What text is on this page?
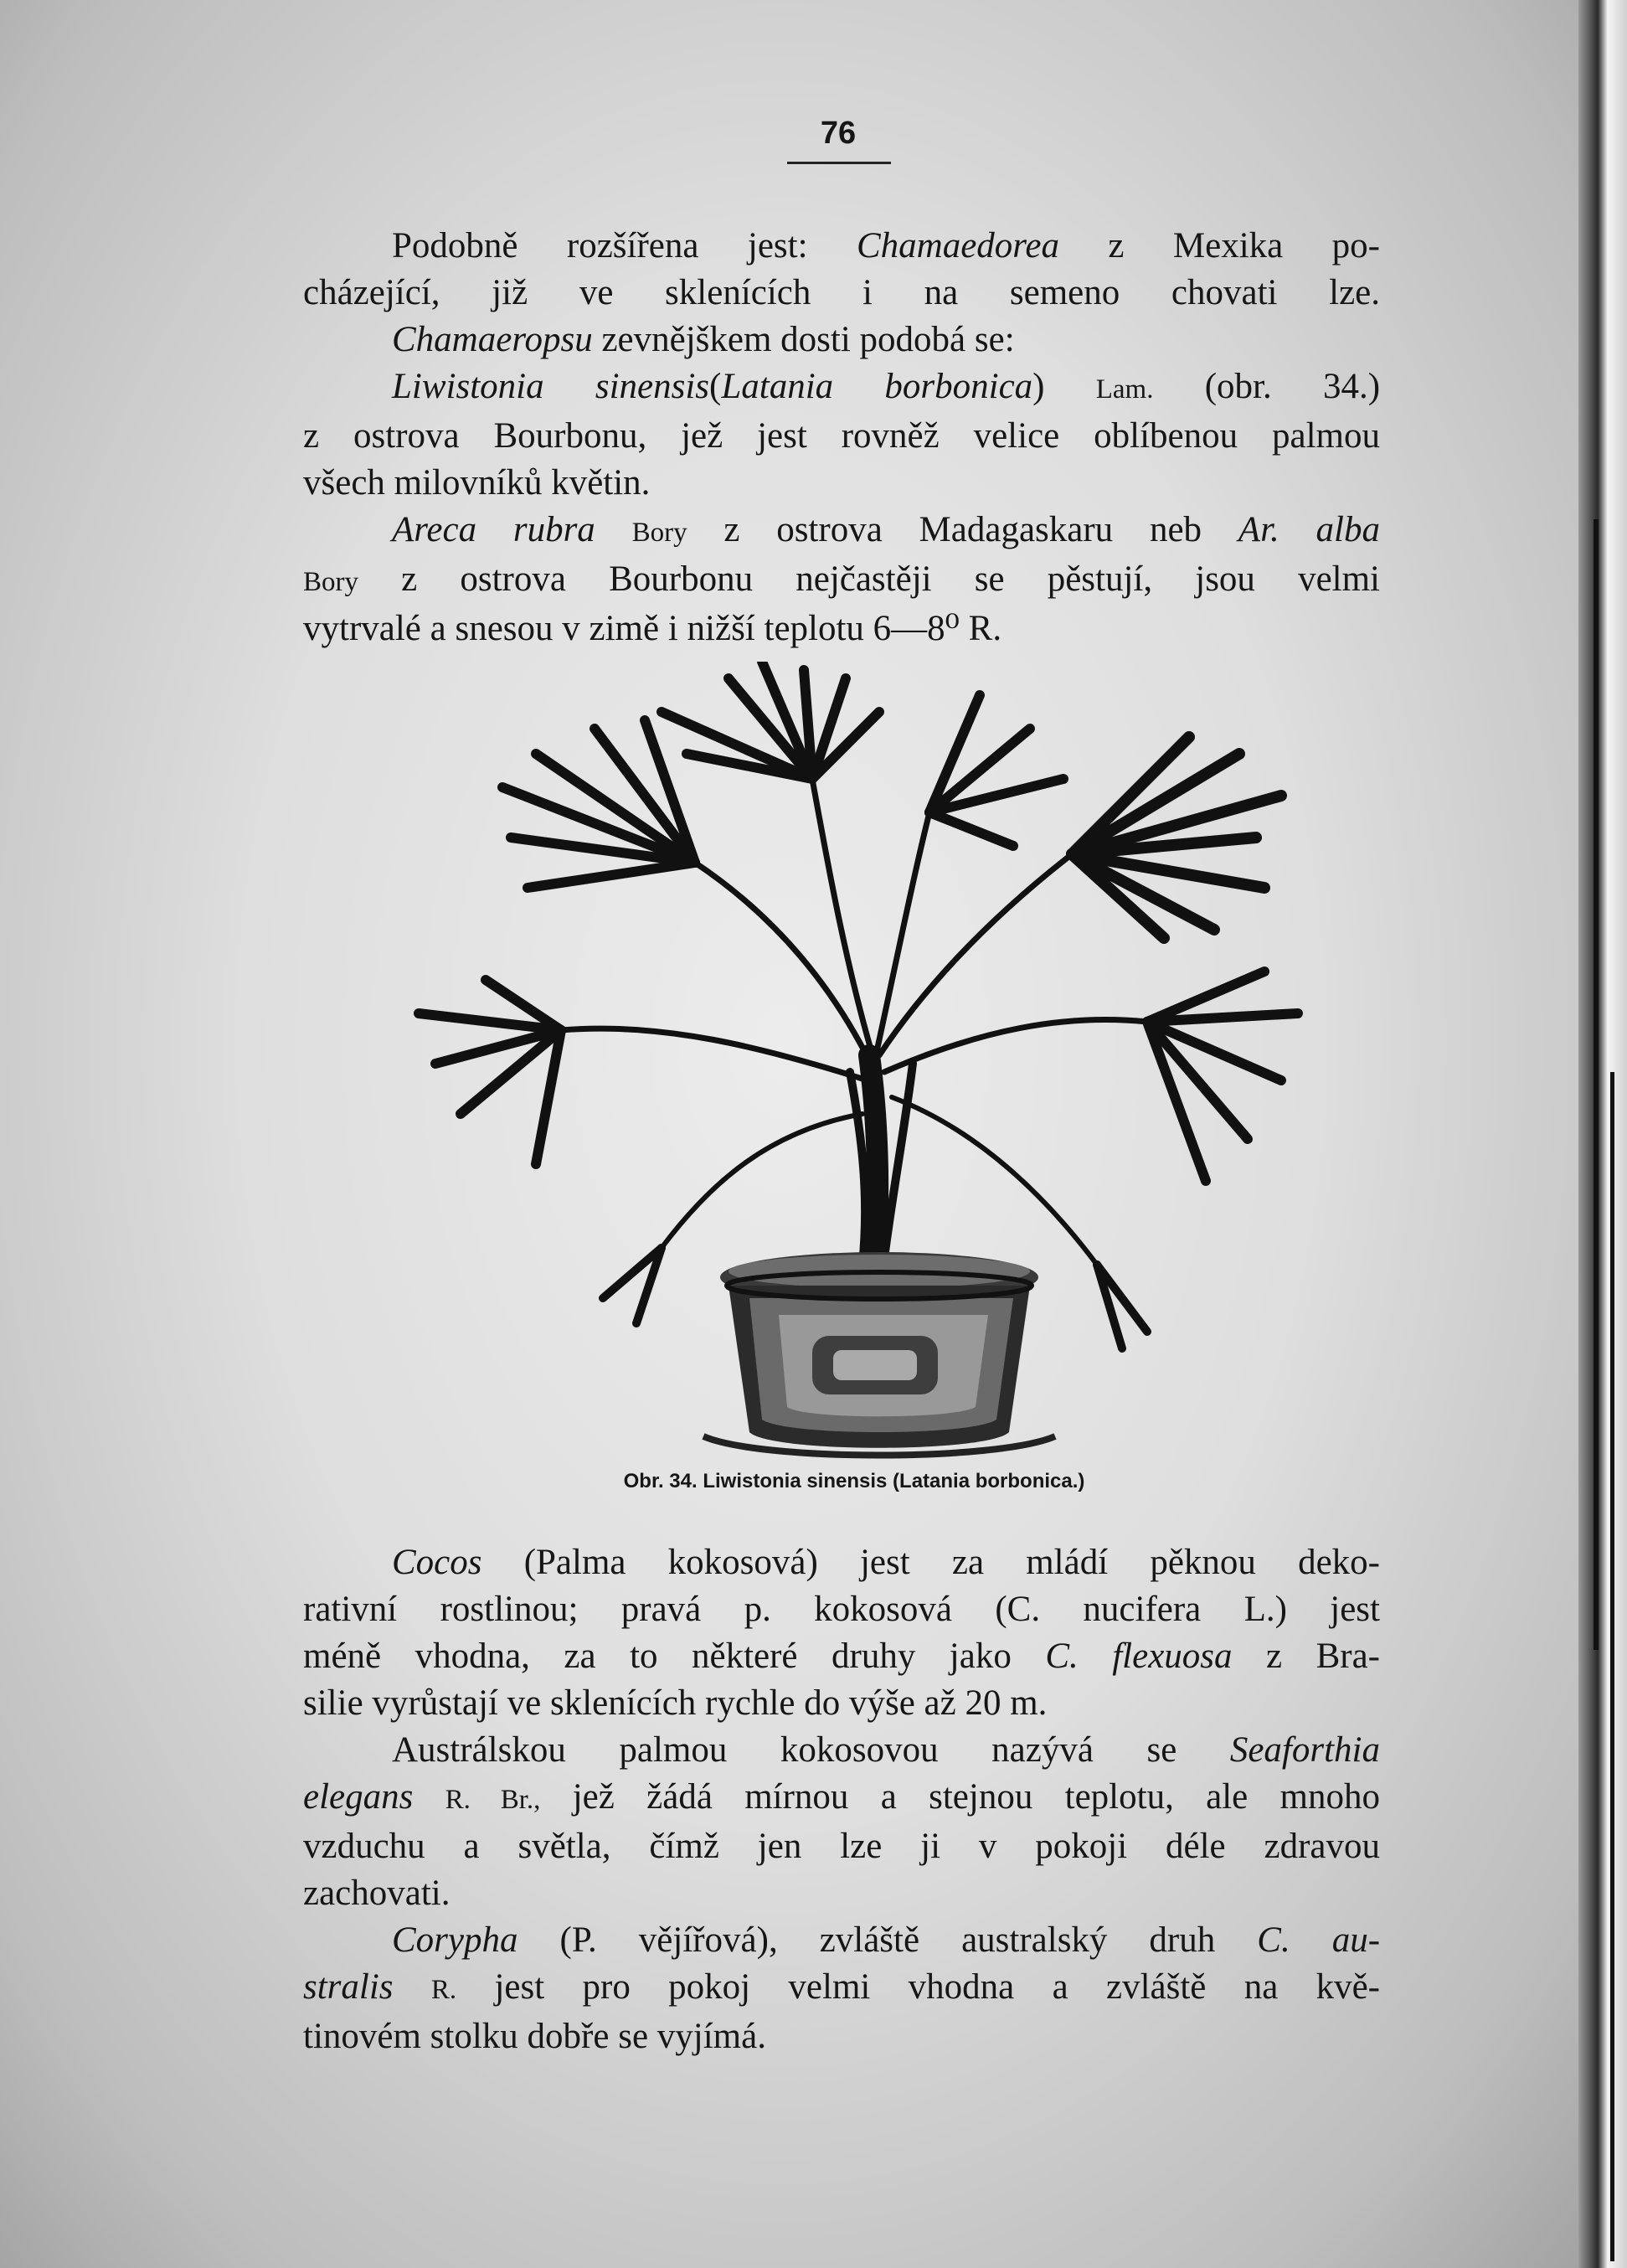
76
Podobně rozšířena jest: Chamaedorea z Mexika po-
cházející, již ve sklenících i na semeno chovati lze.
Chamaeropsu zevnějškem dosti podobá se:
Liwistonia sinensis(Latania borbonica) Lam. (obr. 34.)
z ostrova Bourbonu, jež jest rovněž velice oblíbenou palmou
všech milovníků květin.
Areca rubra Bory z ostrova Madagaskaru neb Ar. alba
Bory z ostrova Bourbonu nejčastěji se pěstují, jsou velmi
vytrvalé a snesou v zimě i nižší teplotu 6—8⁰ R.
Obr. 34. Liwistonia sinensis (Latania borbonica.)
Cocos (Palma kokosová) jest za mládí pěknou deko-
rativní rostlinou; pravá p. kokosová (C. nucifera L.) jest
méně vhodna, za to některé druhy jako C. flexuosa z Bra-
silie vyrůstají ve sklenících rychle do výše až 20 m.
Austrálskou palmou kokosovou nazývá se Seaforthia
elegans R. Br., jež žádá mírnou a stejnou teplotu, ale mnoho
vzduchu a světla, čímž jen lze ji v pokoji déle zdravou
zachovati.
Corypha (P. vějířová), zvláště australský druh C. au-
stralis R. jest pro pokoj velmi vhodna a zvláště na kvě-
tinovém stolku dobře se vyjímá.
